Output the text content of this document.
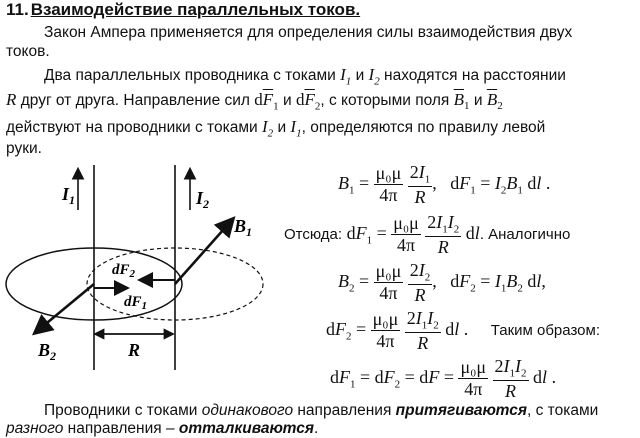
11. Взаимодействие параллельных токов.
Закон Ампера применяется для определения силы взаимодействия двух
токов.
Два параллельных проводника с токами $I_1$ и $I_2$ находятся на расстоянии
R друг от друга. Направление сил $d\overline{F}_1$ и $d\overline{F}_2$, с которыми поля $\overline{B}_1$ и $\overline{B}_2$
действуют на проводники с токами $I_2$ и $I_1$, определяются по правилу левой
руки.
$I_1$	$I_2$
$B_1$
$B_2$
$dF_2$
$dF_1$
R
$B_1 = \frac{\text{μ₀μ}}{4\pi}$
$\frac{2I_1}{R}$ ,   $dF_1 = I_2B_1$ dl .
Отсюда: $dF_1 = \frac{\text{μ₀μ}}{4\pi}$
$\frac{2I_1I_2}{R}$ dl. Аналогично
$B_2 = \frac{\text{μ₀μ}}{4\pi}$
$\frac{2I_2}{R}$ ,   $dF_2 = I_1B_2$ dl,
$dF_2 = \frac{\text{μ₀μ}}{4\pi}$
$\frac{2I_1I_2}{R}$ dl .     Таким образом:
$dF_1 = dF_2$ = dF = $\frac{\text{μ₀μ}}{4\pi}$
$\frac{2I_1I_2}{R}$ dl .
Проводники с токами одинакового направления притягиваются, с токами
разного направления – отталкиваются.
